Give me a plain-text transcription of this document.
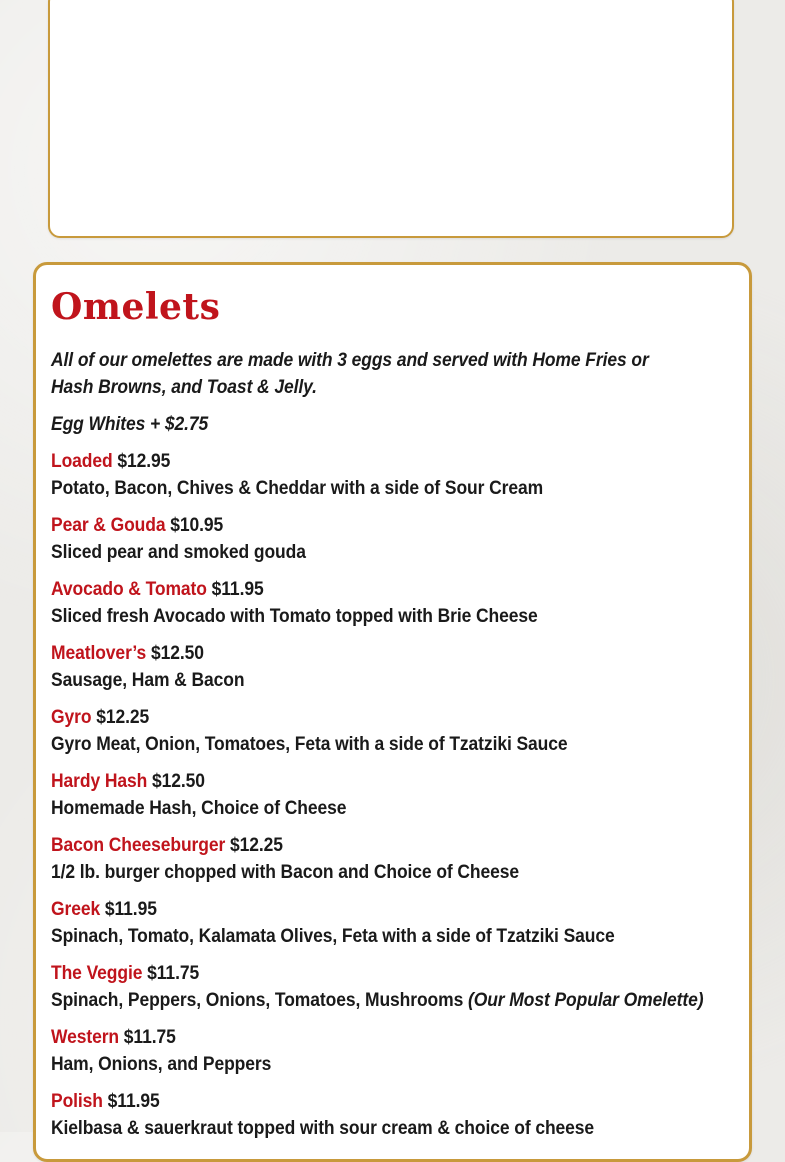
Omelets

All of our omelettes are made with 3 eggs and served with Home Fries or Hash Browns, and Toast & Jelly.

Egg Whites + $2.75

Loaded $12.95
Potato, Bacon, Chives & Cheddar with a side of Sour Cream
Pear & Gouda $10.95
Sliced pear and smoked gouda
Avocado & Tomato $11.95
Sliced fresh Avocado with Tomato topped with Brie Cheese
Meatlover’s $12.50
Sausage, Ham & Bacon
Gyro $12.25
Gyro Meat, Onion, Tomatoes, Feta with a side of Tzatziki Sauce
Hardy Hash $12.50
Homemade Hash, Choice of Cheese
Bacon Cheeseburger $12.25
1/2 lb. burger chopped with Bacon and Choice of Cheese
Greek $11.95
Spinach, Tomato, Kalamata Olives, Feta with a side of Tzatziki Sauce
The Veggie $11.75
Spinach, Peppers, Onions, Tomatoes, Mushrooms (Our Most Popular Omelette)
Western $11.75
Ham, Onions, and Peppers
Polish $11.95
Kielbasa & sauerkraut topped with sour cream & choice of cheese
